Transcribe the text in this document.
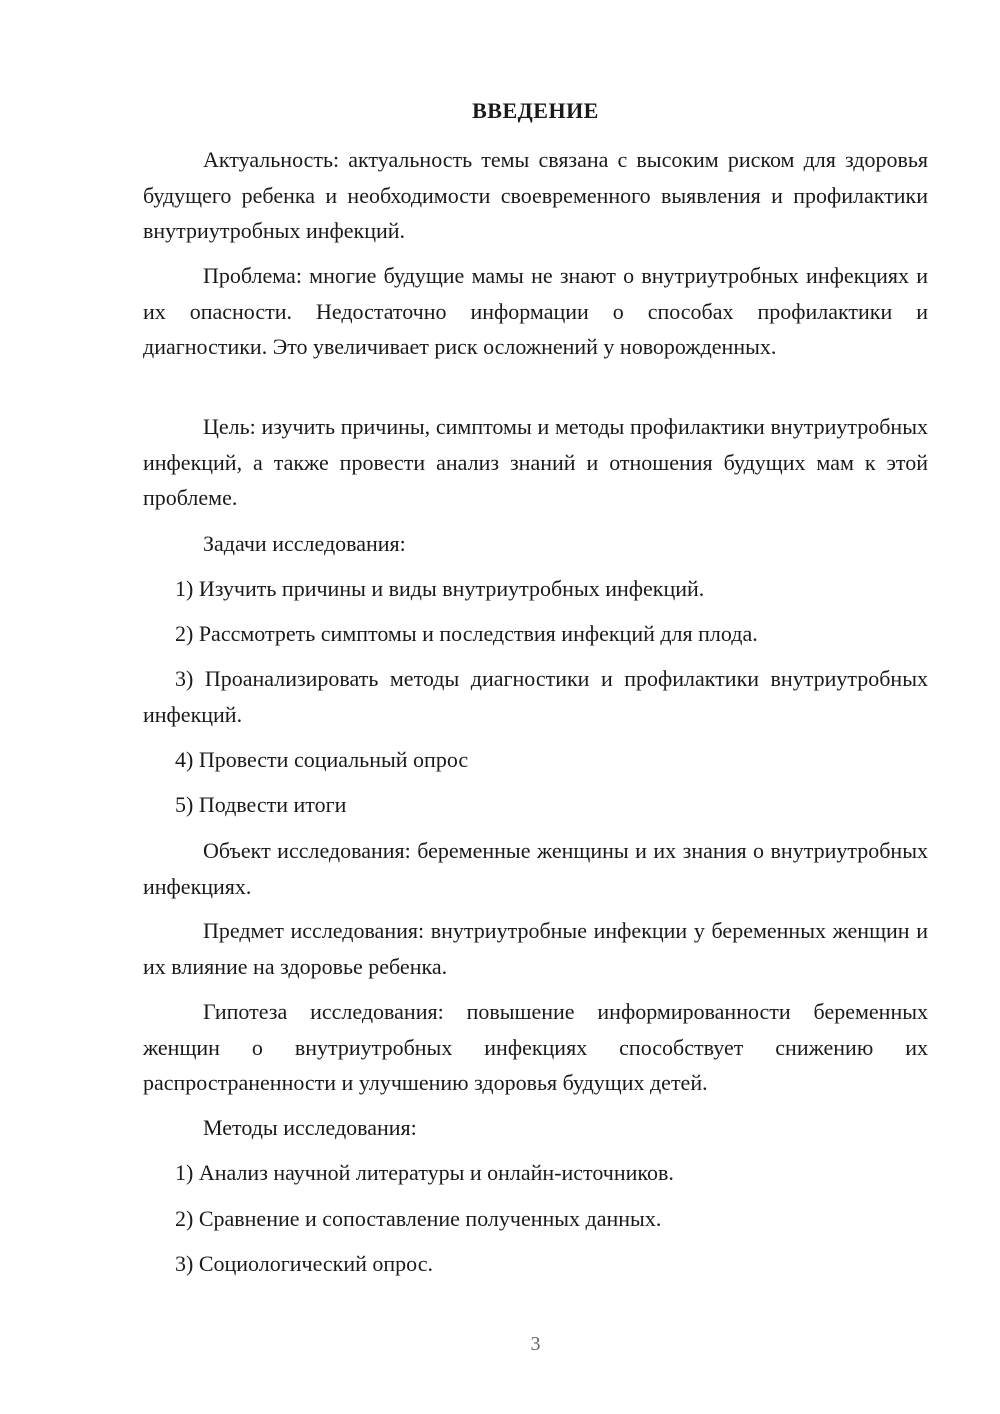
ВВЕДЕНИЕ

Актуальность: актуальность темы связана с высоким риском для здоровья будущего ребенка и необходимости своевременного выявления и профилактики внутриутробных инфекций.

Проблема: многие будущие мамы не знают о внутриутробных инфекциях и их опасности. Недостаточно информации о способах профилактики и диагностики. Это увеличивает риск осложнений у новорожденных.

Цель: изучить причины, симптомы и методы профилактики внутриутробных инфекций, а также провести анализ знаний и отношения будущих мам к этой проблеме.

Задачи исследования:

1) Изучить причины и виды внутриутробных инфекций.

2) Рассмотреть симптомы и последствия инфекций для плода.

3) Проанализировать методы диагностики и профилактики внутриутробных инфекций.

4) Провести социальный опрос

5) Подвести итоги

Объект исследования: беременные женщины и их знания о внутриутробных инфекциях.

Предмет исследования: внутриутробные инфекции у беременных женщин и их влияние на здоровье ребенка.

Гипотеза исследования: повышение информированности беременных женщин о внутриутробных инфекциях способствует снижению их распространенности и улучшению здоровья будущих детей.

Методы исследования:

1) Анализ научной литературы и онлайн-источников.

2) Сравнение и сопоставление полученных данных.

3) Социологический опрос.

3
